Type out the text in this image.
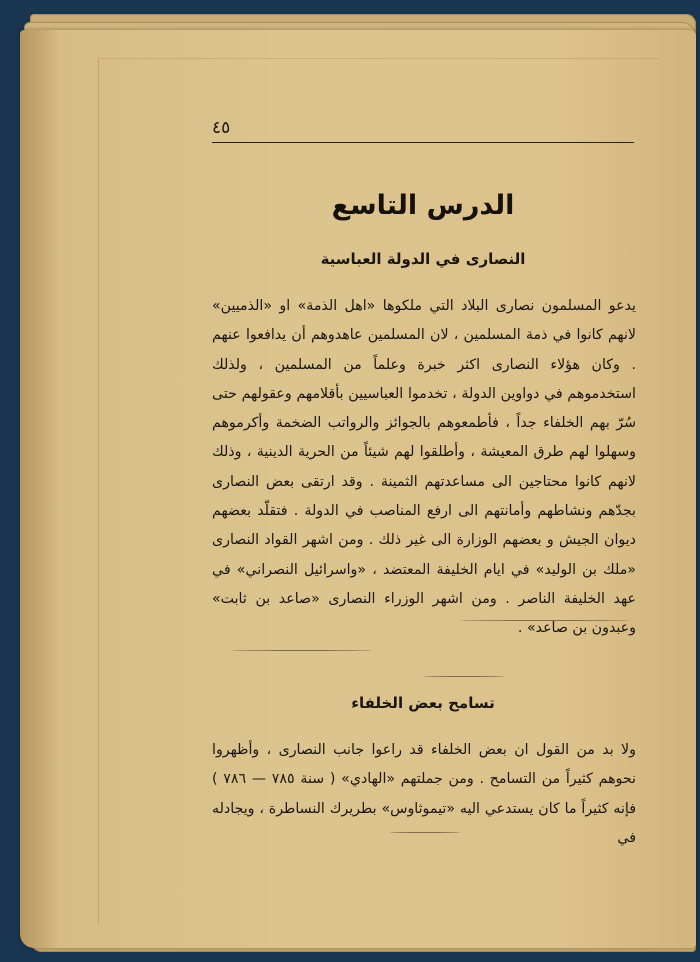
٤٥
الدرس التاسع
النصارى في الدولة العباسية
يدعو المسلمون نصارى البلاد التي ملكوها «اهل الذمة» او «الذميين» لانهم كانوا في ذمة المسلمين ، لان المسلمين عاهدوهم أن يدافعوا عنهم . وكان هؤلاء النصارى اكثر خبرة وعلماً من المسلمين ، ولذلك استخدموهم في دواوين الدولة ، تخدموا العباسيين بأقلامهم وعقولهم حتى سُرّ بهم الخلفاء جداً ، فأطمعوهم بالجوائز والرواتب الضخمة وأكرموهم وسهلوا لهم طرق المعيشة ، وأطلقوا لهم شيئاً من الحرية الدينية ، وذلك لانهم كانوا محتاجين الى مساعدتهم الثمينة . وقد ارتقى بعض النصارى بجدّهم ونشاطهم وأمانتهم الى ارفع المناصب في الدولة . فتقلّد بعضهم ديوان الجيش و بعضهم الوزارة الى غير ذلك . ومن اشهر القواد النصارى «ملك بن الوليد» في ايام الخليفة المعتضد ، «واسرائيل النصراني» في عهد الخليفة الناصر . ومن اشهر الوزراء النصارى «صاعد بن ثابت» وعبدون بن صاعد» .
تسامح بعض الخلفاء
ولا بد من القول ان بعض الخلفاء قد راعوا جانب النصارى ، وأظهروا نحوهم كثيراً من التسامح . ومن جملتهم «الهادي» ( سنة ٧٨٥ — ٧٨٦ ) فإنه كثيراً ما كان يستدعي اليه «تيموثاوس» بطريرك النساطرة ، ويجادله في
